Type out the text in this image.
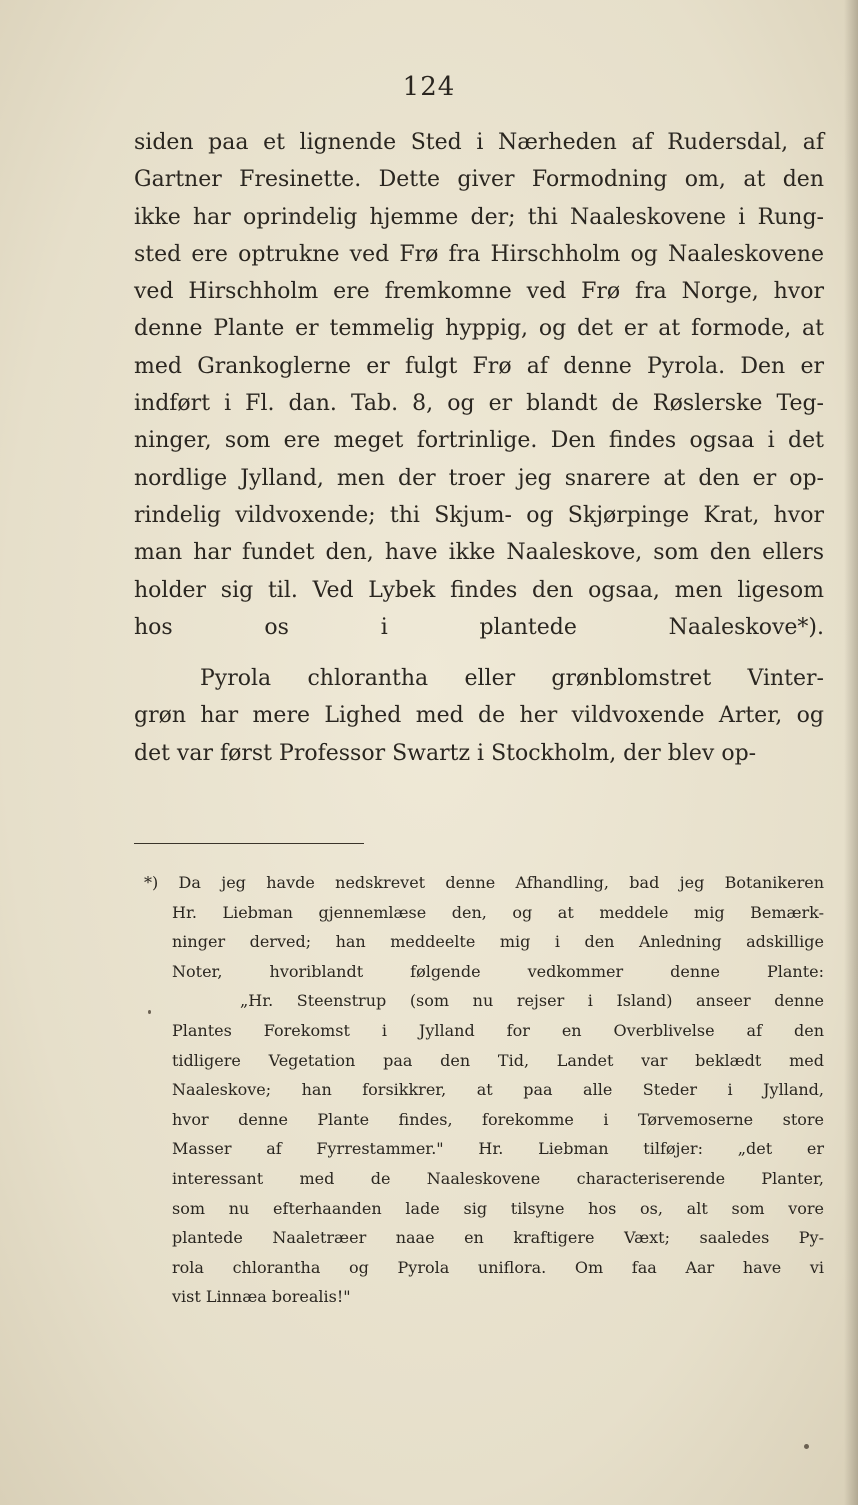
124

siden paa et lignende Sted i Nærheden af Rudersdal, af
Gartner Fresinette. Dette giver Formodning om, at den
ikke har oprindelig hjemme der; thi Naaleskovene i Rung-
sted ere optrukne ved Frø fra Hirschholm og Naaleskovene
ved Hirschholm ere fremkomne ved Frø fra Norge, hvor
denne Plante er temmelig hyppig, og det er at formode, at
med Grankoglerne er fulgt Frø af denne Pyrola. Den er
indført i Fl. dan. Tab. 8, og er blandt de Røslerske Teg-
ninger, som ere meget fortrinlige. Den findes ogsaa i det
nordlige Jylland, men der troer jeg snarere at den er op-
rindelig vildvoxende; thi Skjum- og Skjørpinge Krat, hvor
man har fundet den, have ikke Naaleskove, som den ellers
holder sig til. Ved Lybek findes den ogsaa, men ligesom
hos os i plantede Naaleskove*).

Pyrola chlorantha eller grønblomstret Vinter-
grøn har mere Lighed med de her vildvoxende Arter, og
det var først Professor Swartz i Stockholm, der blev op-

*) Da jeg havde nedskrevet denne Afhandling, bad jeg Botanikeren
Hr. Liebman gjennemlæse den, og at meddele mig Bemærk-
ninger derved; han meddeelte mig i den Anledning adskillige
Noter, hvoriblandt følgende vedkommer denne Plante:
„Hr. Steenstrup (som nu rejser i Island) anseer denne
Plantes Forekomst i Jylland for en Overblivelse af den
tidligere Vegetation paa den Tid, Landet var beklædt med
Naaleskove; han forsikkrer, at paa alle Steder i Jylland,
hvor denne Plante findes, forekomme i Tørvemoserne store
Masser af Fyrrestammer." Hr. Liebman tilføjer: „det er
interessant med de Naaleskovene characteriserende Planter,
som nu efterhaanden lade sig tilsyne hos os, alt som vore
plantede Naaletræer naae en kraftigere Væxt; saaledes Py-
rola chlorantha og Pyrola uniflora. Om faa Aar have vi
vist Linnæa borealis!"
